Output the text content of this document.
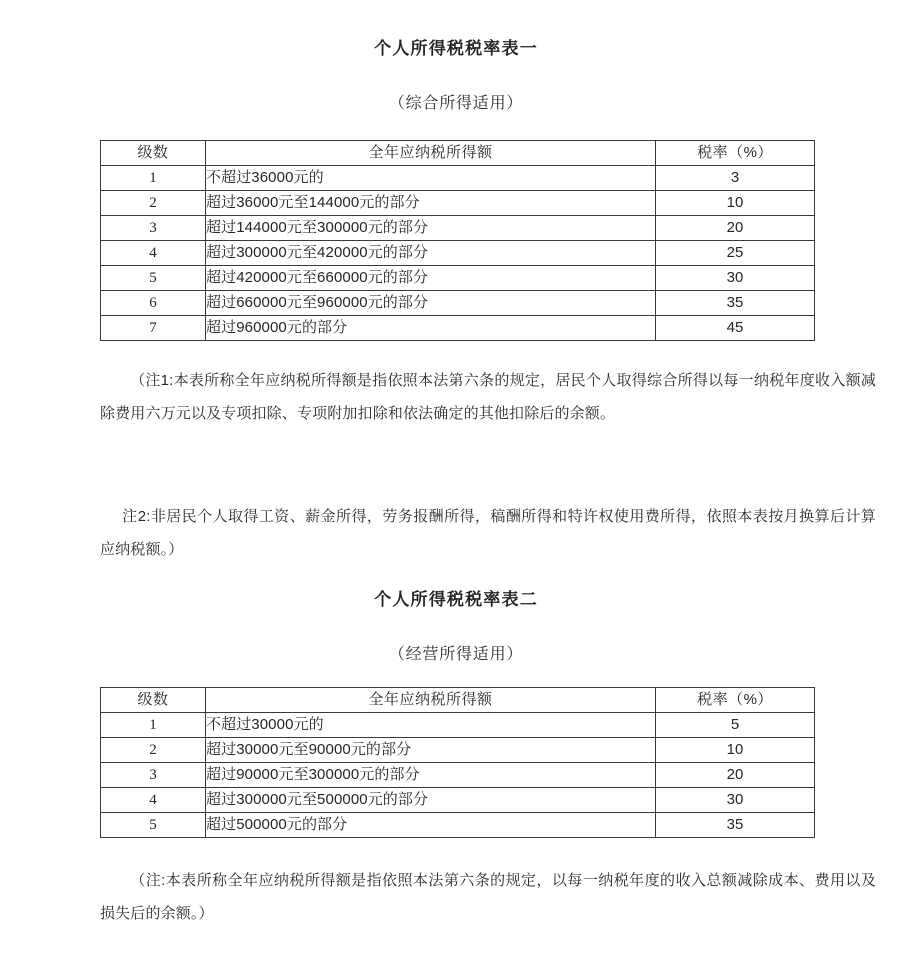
个人所得税税率表一
（综合所得适用）
级数	全年应纳税所得额	税率（%）
1	不超过36000元的	3
2	超过36000元至144000元的部分	10
3	超过144000元至300000元的部分	20
4	超过300000元至420000元的部分	25
5	超过420000元至660000元的部分	30
6	超过660000元至960000元的部分	35
7	超过960000元的部分	45

（注1:本表所称全年应纳税所得额是指依照本法第六条的规定，居民个人取得综合所得以每一纳税年度收入额减除费用六万元以及专项扣除、专项附加扣除和依法确定的其他扣除后的余额。

注2:非居民个人取得工资、薪金所得，劳务报酬所得，稿酬所得和特许权使用费所得，依照本表按月换算后计算应纳税额。）

个人所得税税率表二
（经营所得适用）
级数	全年应纳税所得额	税率（%）
1	不超过30000元的	5
2	超过30000元至90000元的部分	10
3	超过90000元至300000元的部分	20
4	超过300000元至500000元的部分	30
5	超过500000元的部分	35

（注:本表所称全年应纳税所得额是指依照本法第六条的规定，以每一纳税年度的收入总额减除成本、费用以及损失后的余额。）
